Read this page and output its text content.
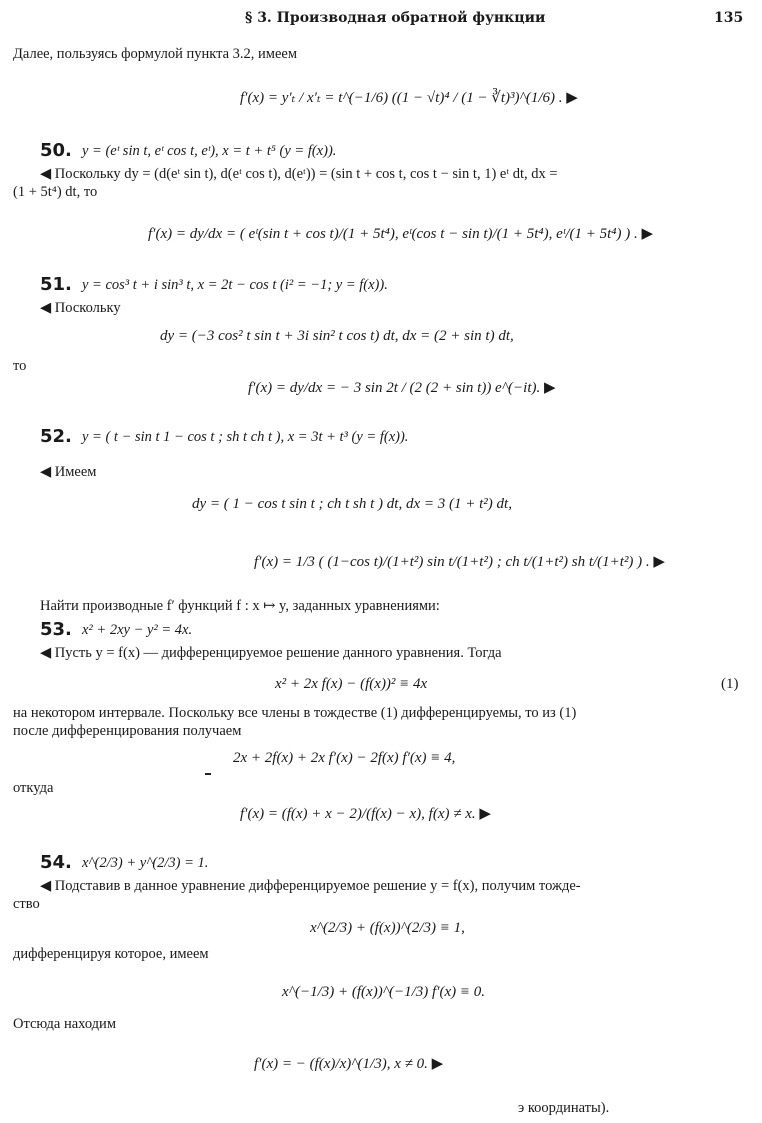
§ 3. Производная обратной функции	135
Далее, пользуясь формулой пункта 3.2, имеем
f′(x) = y′ₜ / x′ₜ = t^(−1/6) ((1 − √t)⁴ / (1 − ∛t)³)^(1/6) . ▶
50. y = (eᵗ sin t, eᵗ cos t, eᵗ), x = t + t⁵ (y = f(x)).
◀ Поскольку dy = (d(eᵗ sin t), d(eᵗ cos t), d(eᵗ)) = (sin t + cos t, cos t − sin t, 1) eᵗ dt, dx =
(1 + 5t⁴) dt, то
f′(x) = dy/dx = ( eᵗ(sin t + cos t)/(1 + 5t⁴), eᵗ(cos t − sin t)/(1 + 5t⁴), eᵗ/(1 + 5t⁴) ) . ▶
51. y = cos³ t + i sin³ t, x = 2t − cos t (i² = −1; y = f(x)).
◀ Поскольку
dy = (−3 cos² t sin t + 3i sin² t cos t) dt, dx = (2 + sin t) dt,
то
f′(x) = dy/dx = − 3 sin 2t / (2 (2 + sin t)) e^(−it). ▶
52. y = ( t − sin t 1 − cos t ; sh t ch t ), x = 3t + t³ (y = f(x)).
◀ Имеем
dy = ( 1 − cos t sin t ; ch t sh t ) dt, dx = 3 (1 + t²) dt,
f′(x) = 1/3 ( (1−cos t)/(1+t²) sin t/(1+t²) ; ch t/(1+t²) sh t/(1+t²) ) . ▶
Найти производные f′ функций f : x ↦ y, заданных уравнениями:
53. x² + 2xy − y² = 4x.
◀ Пусть y = f(x) — дифференцируемое решение данного уравнения. Тогда
x² + 2x f(x) − (f(x))² ≡ 4x	(1)
на некотором интервале. Поскольку все члены в тождестве (1) дифференцируемы, то из (1)
после дифференцирования получаем
2x + 2f(x) + 2x f′(x) − 2f(x) f′(x) ≡ 4,
откуда
f′(x) = (f(x) + x − 2)/(f(x) − x), f(x) ≠ x. ▶
54. x^(2/3) + y^(2/3) = 1.
◀ Подставив в данное уравнение дифференцируемое решение y = f(x), получим тожде-
ство
x^(2/3) + (f(x))^(2/3) ≡ 1,
дифференцируя которое, имеем
x^(−1/3) + (f(x))^(−1/3) f′(x) ≡ 0.
Отсюда находим
f′(x) = − (f(x)/x)^(1/3), x ≠ 0. ▶
э координаты).
